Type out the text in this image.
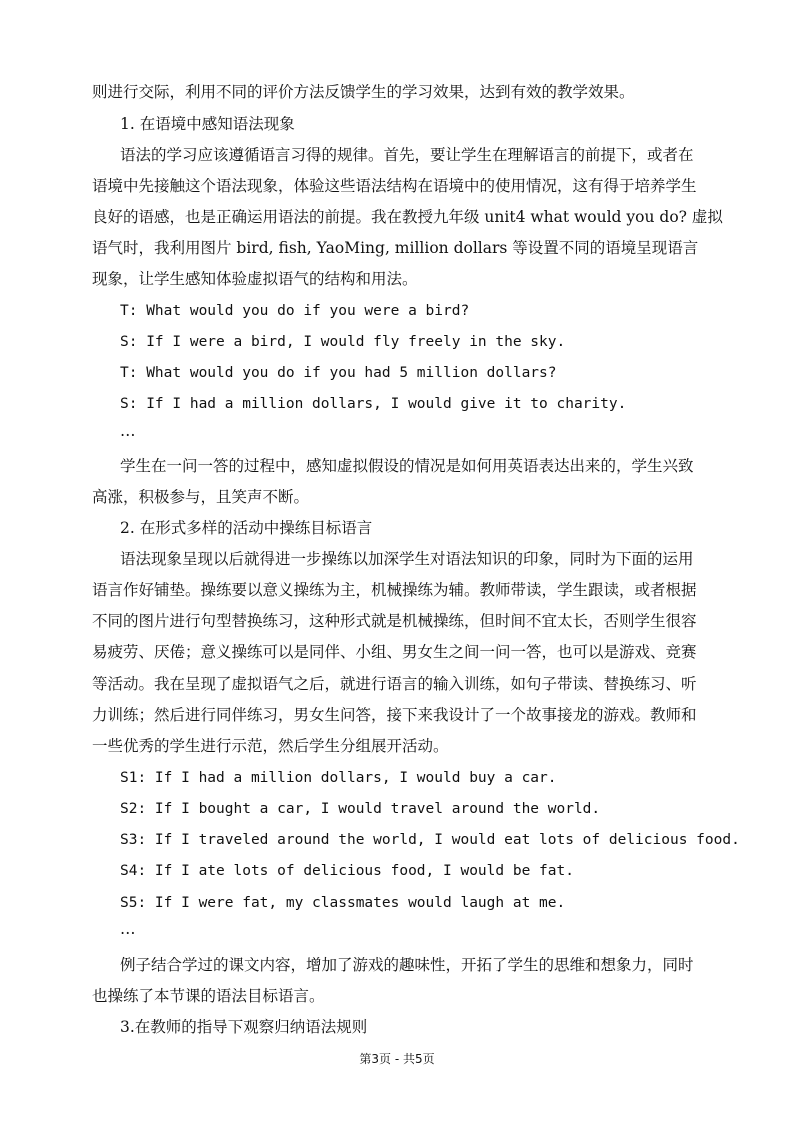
则进行交际，利用不同的评价方法反馈学生的学习效果，达到有效的教学效果。
1. 在语境中感知语法现象
语法的学习应该遵循语言习得的规律。首先，要让学生在理解语言的前提下，或者在
语境中先接触这个语法现象，体验这些语法结构在语境中的使用情况，这有得于培养学生
良好的语感，也是正确运用语法的前提。我在教授九年级 unit4 what would you do? 虚拟
语气时，我利用图片 bird, fish, YaoMing, million dollars 等设置不同的语境呈现语言
现象，让学生感知体验虚拟语气的结构和用法。
T: What would you do if you were a bird?
S: If I were a bird, I would fly freely in the sky.
T: What would you do if you had 5 million dollars?
S: If I had a million dollars, I would give it to charity.
…
学生在一问一答的过程中，感知虚拟假设的情况是如何用英语表达出来的，学生兴致
高涨，积极参与，且笑声不断。
2. 在形式多样的活动中操练目标语言
语法现象呈现以后就得进一步操练以加深学生对语法知识的印象，同时为下面的运用
语言作好铺垫。操练要以意义操练为主，机械操练为辅。教师带读，学生跟读，或者根据
不同的图片进行句型替换练习，这种形式就是机械操练，但时间不宜太长，否则学生很容
易疲劳、厌倦；意义操练可以是同伴、小组、男女生之间一问一答，也可以是游戏、竞赛
等活动。我在呈现了虚拟语气之后，就进行语言的输入训练，如句子带读、替换练习、听
力训练；然后进行同伴练习，男女生问答，接下来我设计了一个故事接龙的游戏。教师和
一些优秀的学生进行示范，然后学生分组展开活动。
S1: If I had a million dollars, I would buy a car.
S2: If I bought a car, I would travel around the world.
S3: If I traveled around the world, I would eat lots of delicious food.
S4: If I ate lots of delicious food, I would be fat.
S5: If I were fat, my classmates would laugh at me.
…
例子结合学过的课文内容，增加了游戏的趣味性，开拓了学生的思维和想象力，同时
也操练了本节课的语法目标语言。
3.在教师的指导下观察归纳语法规则
第3页 - 共5页
